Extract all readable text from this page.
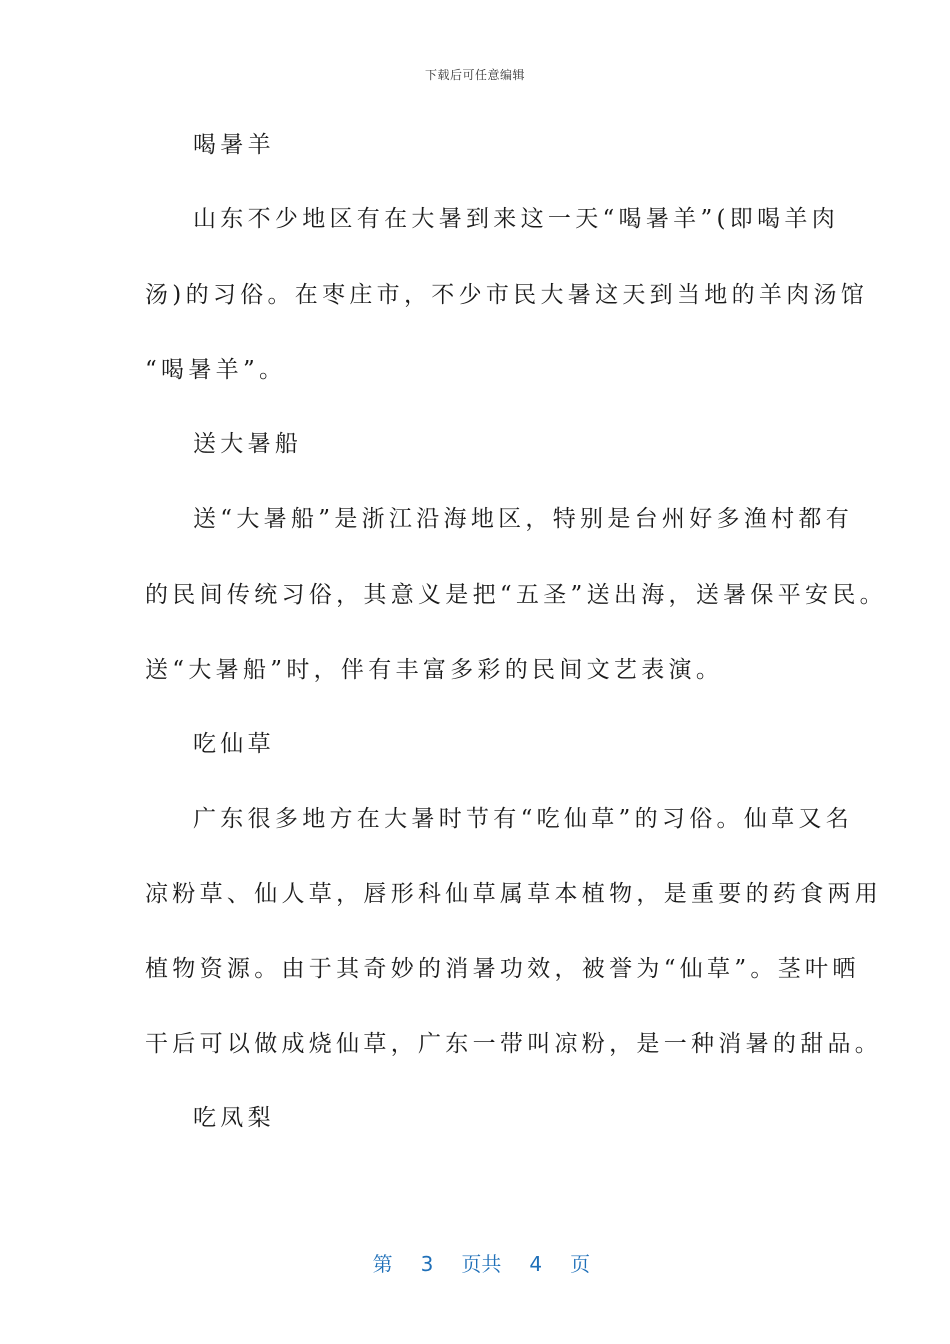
下载后可任意编辑
喝暑羊
山东不少地区有在大暑到来这一天“喝暑羊”(即喝羊肉
汤)的习俗。在枣庄市，不少市民大暑这天到当地的羊肉汤馆
“喝暑羊”。
送大暑船
送“大暑船”是浙江沿海地区，特别是台州好多渔村都有
的民间传统习俗，其意义是把“五圣”送出海，送暑保平安民。
送“大暑船”时，伴有丰富多彩的民间文艺表演。
吃仙草
广东很多地方在大暑时节有“吃仙草”的习俗。仙草又名
凉粉草、仙人草，唇形科仙草属草本植物，是重要的药食两用
植物资源。由于其奇妙的消暑功效，被誉为“仙草”。茎叶晒
干后可以做成烧仙草，广东一带叫凉粉，是一种消暑的甜品。
吃凤梨

第 3 页共 4 页
